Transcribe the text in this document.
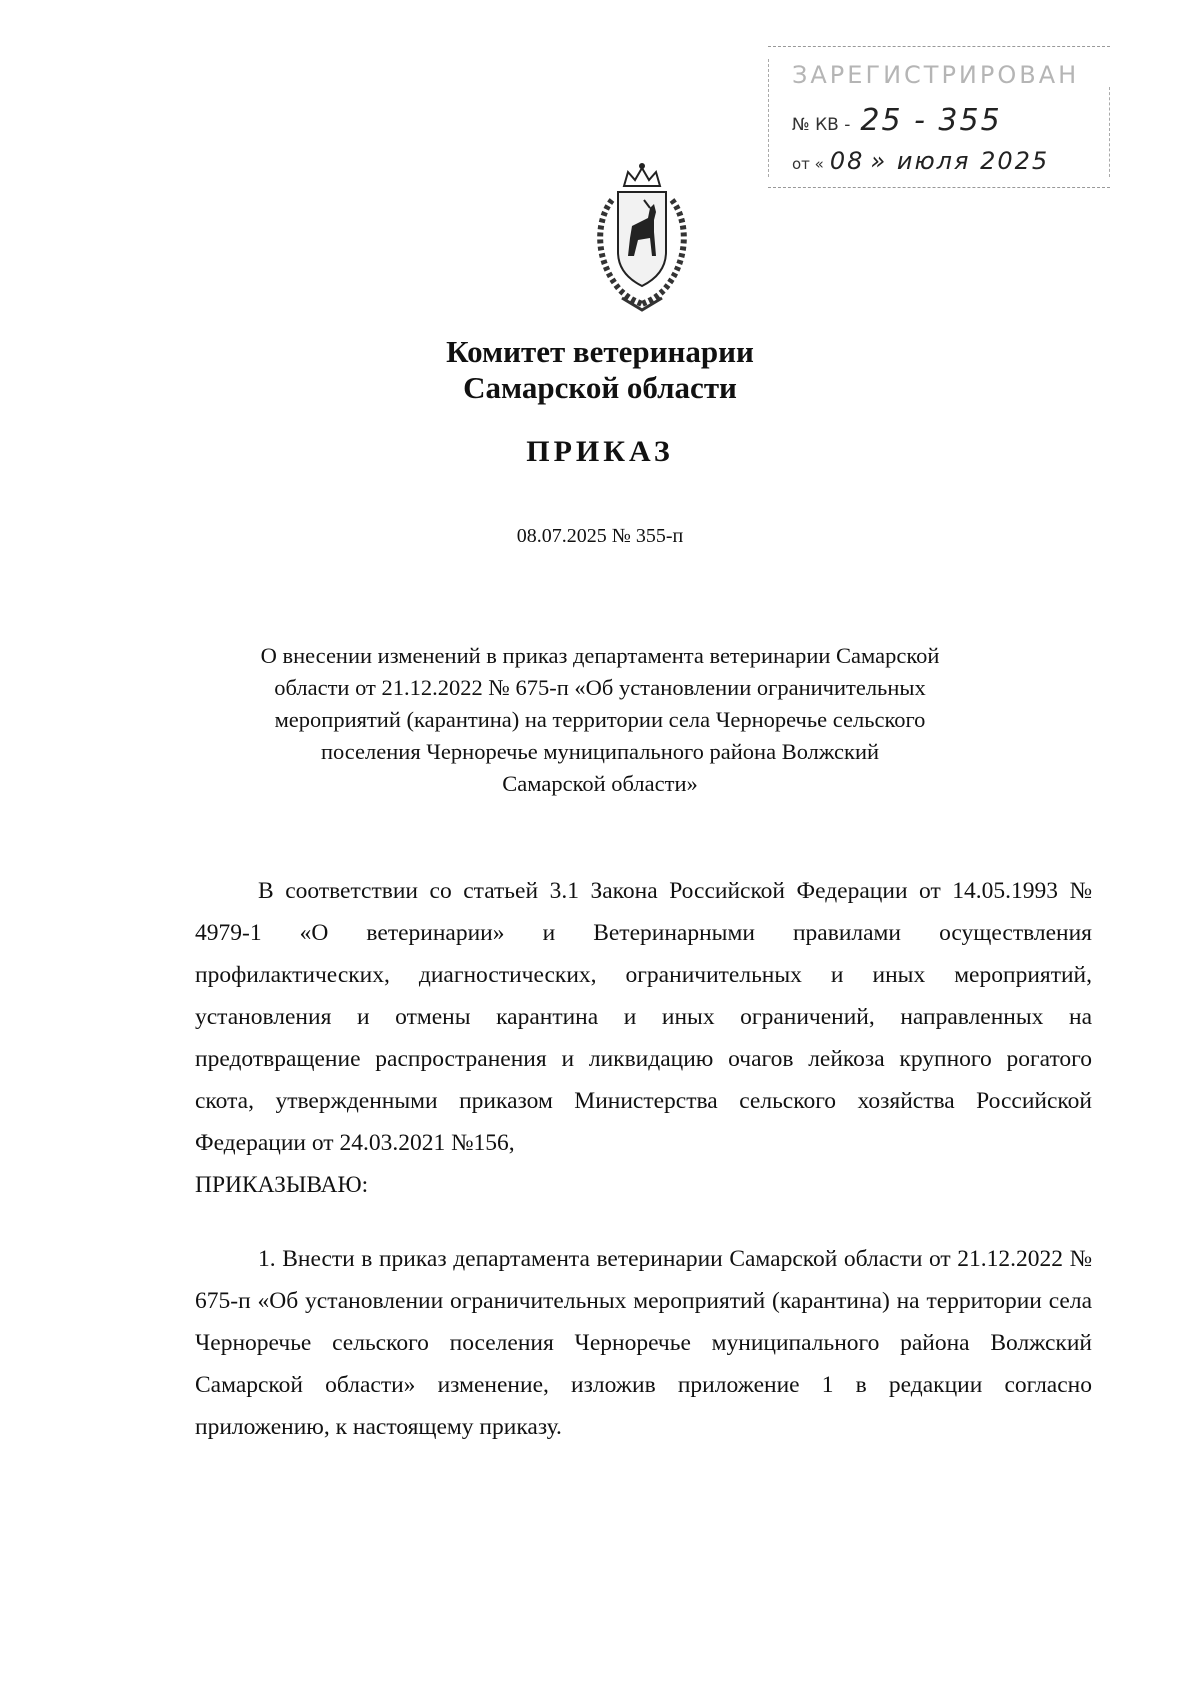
ЗАРЕГИСТРИРОВАН
№ КВ - 25 - 355
от « 08 » июля 2025
Комитет ветеринарии
Самарской области
ПРИКАЗ
08.07.2025 № 355-п
О внесении изменений в приказ департамента ветеринарии Самарской
области от 21.12.2022 № 675-п «Об установлении ограничительных
мероприятий (карантина) на территории села Черноречье сельского
поселения Черноречье муниципального района Волжский
Самарской области»
В соответствии со статьей 3.1 Закона Российской Федерации от 14.05.1993 № 4979-1 «О ветеринарии» и Ветеринарными правилами осуществления профилактических, диагностических, ограничительных и иных мероприятий, установления и отмены карантина и иных ограничений, направленных на предотвращение распространения и ликвидацию очагов лейкоза крупного рогатого скота, утвержденными приказом Министерства сельского хозяйства Российской Федерации от 24.03.2021 №156,
ПРИКАЗЫВАЮ:
1. Внести в приказ департамента ветеринарии Самарской области от 21.12.2022 № 675-п «Об установлении ограничительных мероприятий (карантина) на территории села Черноречье сельского поселения Черноречье муниципального района Волжский Самарской области» изменение, изложив приложение 1 в редакции согласно приложению, к настоящему приказу.
